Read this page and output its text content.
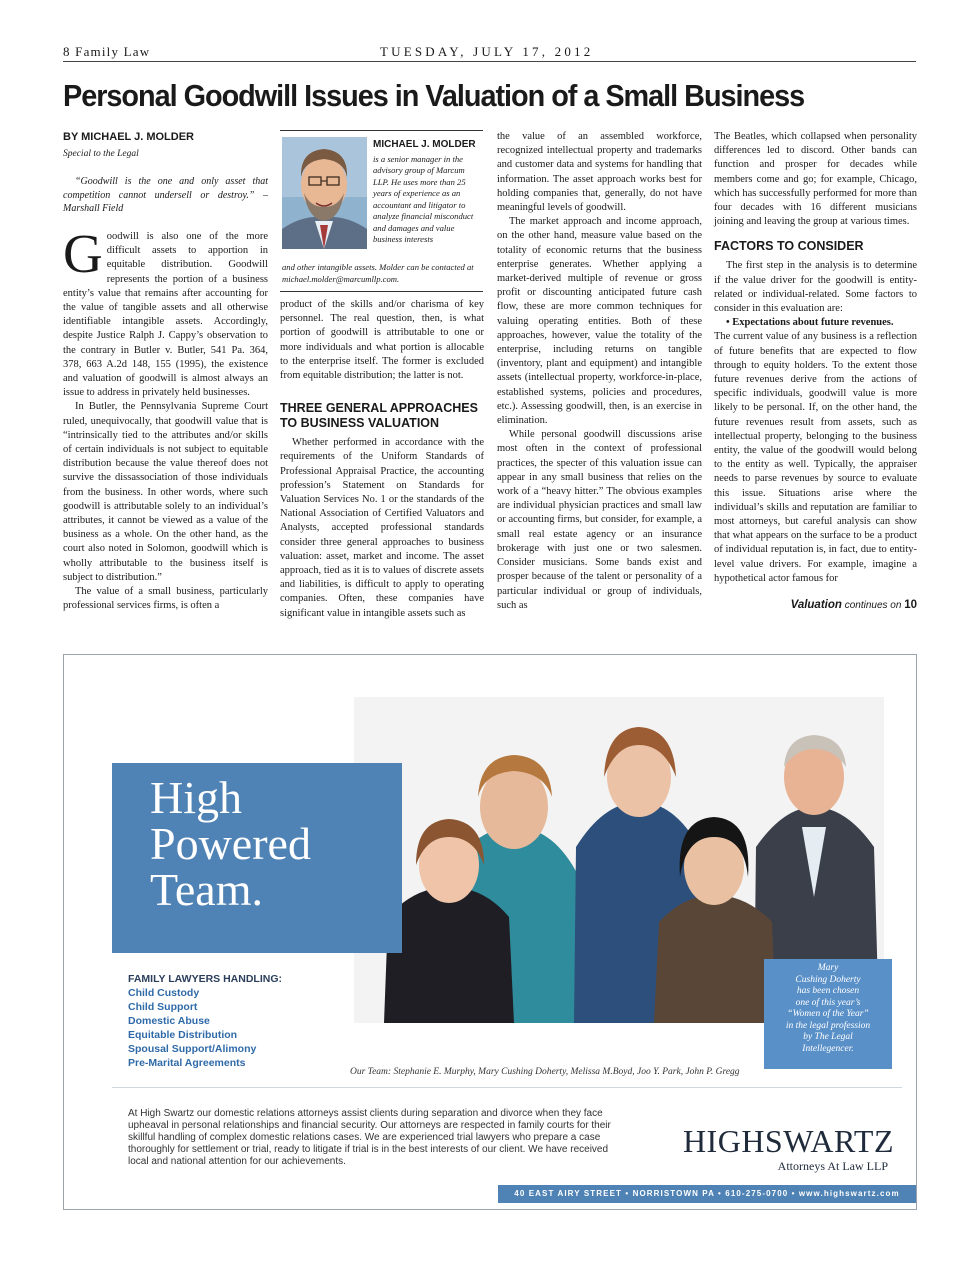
8 Family Law	TUESDAY, JULY 17, 2012
Personal Goodwill Issues in Valuation of a Small Business
BY MICHAEL J. MOLDER
Special to the Legal
“Goodwill is the one and only asset that competition cannot undersell or destroy.” – Marshall Field

Goodwill is also one of the more difficult assets to apportion in equitable distribution. Goodwill represents the portion of a business entity’s value that remains after accounting for the value of tangible assets and all otherwise identifiable intangible assets. Accordingly, despite Justice Ralph J. Cappy’s observation to the contrary in Butler v. Butler, 541 Pa. 364, 378, 663 A.2d 148, 155 (1995), the existence and valuation of goodwill is almost always an issue to address in privately held businesses.

In Butler, the Pennsylvania Supreme Court ruled, unequivocally, that goodwill value that is “intrinsically tied to the attributes and/or skills of certain individuals is not subject to equitable distribution because the value thereof does not survive the dissassociation of those individuals from the business. In other words, where such goodwill is attributable solely to an individual’s attributes, it cannot be viewed as a value of the business as a whole. On the other hand, as the court also noted in Solomon, goodwill which is wholly attributable to the business itself is subject to distribution.”

The value of a small business, particularly professional services firms, is often a

MICHAEL J. MOLDER
is a senior manager in the advisory group of Marcum LLP. He uses more than 25 years of experience as an accountant and litigator to analyze financial misconduct and damages and value business interests
and other intangible assets. Molder can be contacted at michael.molder@marcumllp.com.

product of the skills and/or charisma of key personnel. The real question, then, is what portion of goodwill is attributable to one or more individuals and what portion is allocable to the enterprise itself. The former is excluded from equitable distribution; the latter is not.

THREE GENERAL APPROACHES TO BUSINESS VALUATION

Whether performed in accordance with the requirements of the Uniform Standards of Professional Appraisal Practice, the accounting profession’s Statement on Standards for Valuation Services No. 1 or the standards of the National Association of Certified Valuators and Analysts, accepted professional standards consider three general approaches to business valuation: asset, market and income. The asset approach, tied as it is to values of discrete assets and liabilities, is difficult to apply to operating companies. Often, these companies have significant value in intangible assets such as

the value of an assembled workforce, recognized intellectual property and trademarks and customer data and systems for handling that information. The asset approach works best for holding companies that, generally, do not have meaningful levels of goodwill.

The market approach and income approach, on the other hand, measure value based on the totality of economic returns that the business enterprise generates. Whether applying a market-derived multiple of revenue or gross profit or discounting anticipated future cash flow, these are more common techniques for valuing operating entities. Both of these approaches, however, value the totality of the enterprise, including returns on tangible (inventory, plant and equipment) and intangible assets (intellectual property, workforce-in-place, established systems, policies and procedures, etc.). Assessing goodwill, then, is an exercise in elimination.

While personal goodwill discussions arise most often in the context of professional practices, the specter of this valuation issue can appear in any small business that relies on the work of a “heavy hitter.” The obvious examples are individual physician practices and small law or accounting firms, but consider, for example, a small real estate agency or an insurance brokerage with just one or two salesmen. Consider musicians. Some bands exist and prosper because of the talent or personality of a particular individual or group of individuals, such as

The Beatles, which collapsed when personality differences led to discord. Other bands can function and prosper for decades while members come and go; for example, Chicago, which has successfully performed for more than four decades with 16 different musicians joining and leaving the group at various times.

FACTORS TO CONSIDER

The first step in the analysis is to determine if the value driver for the goodwill is entity-related or individual-related. Some factors to consider in this evaluation are:

• Expectations about future revenues.

The current value of any business is a reflection of future benefits that are expected to flow through to equity holders. To the extent those future revenues derive from the actions of specific individuals, goodwill value is more likely to be personal. If, on the other hand, the future revenues result from assets, such as intellectual property, belonging to the business entity, the value of the goodwill would belong to the entity as well. Typically, the appraiser needs to parse revenues by source to evaluate this issue. Situations arise where the individual’s skills and reputation are familiar to most attorneys, but careful analysis can show that what appears on the surface to be a product of individual reputation is, in fact, due to entity-level value drivers. For example, imagine a hypothetical actor famous for

Valuation continues on 10
High
Powered
Team.
Mary
Cushing Doherty
has been chosen
one of this year’s
“Women of the Year”
in the legal profession
by The Legal
Intellegencer.
Our Team: Stephanie E. Murphy, Mary Cushing Doherty, Melissa M.Boyd, Joo Y. Park, John P. Gregg
At High Swartz our domestic relations attorneys assist clients during separation and divorce when they face upheaval in personal relationships and financial security. Our attorneys are respected in family courts for their skillful handling of complex domestic relations cases. We are experienced trial lawyers who prepare a case thoroughly for settlement or trial, ready to litigate if trial is in the best interests of our client. We have received local and national attention for our achievements.
HIGHSWARTZ
Attorneys At Law LLP
40 EAST AIRY STREET • NORRISTOWN PA • 610-275-0700 • www.highswartz.com
FAMILY LAWYERS HANDLING:
Child Custody
Child Support
Domestic Abuse
Equitable Distribution
Spousal Support/Alimony
Pre-Marital Agreements
